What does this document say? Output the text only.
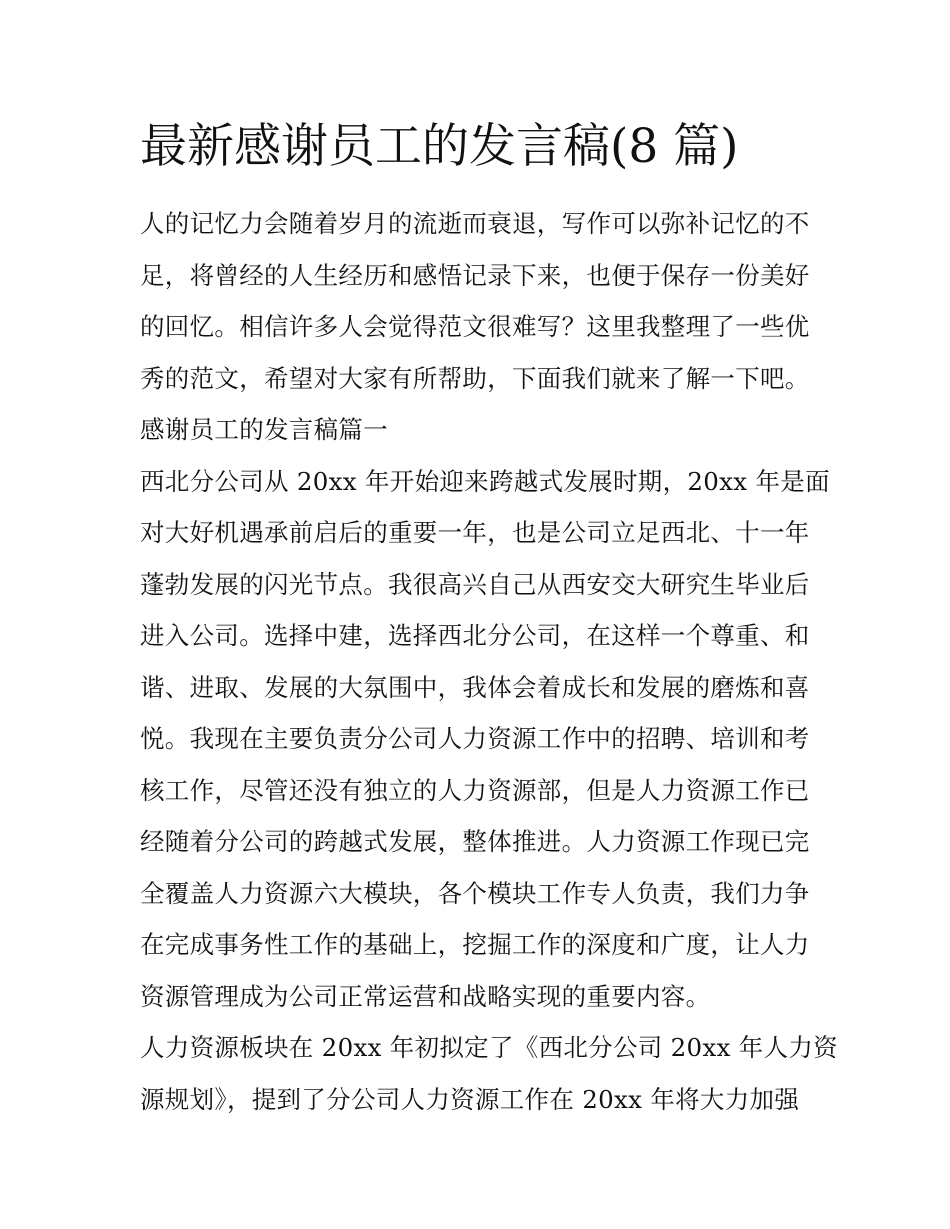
最新感谢员工的发言稿(8 篇)
人的记忆力会随着岁月的流逝而衰退，写作可以弥补记忆的不
足，将曾经的人生经历和感悟记录下来，也便于保存一份美好
的回忆。相信许多人会觉得范文很难写？这里我整理了一些优
秀的范文，希望对大家有所帮助，下面我们就来了解一下吧。
感谢员工的发言稿篇一
西北分公司从 20xx 年开始迎来跨越式发展时期，20xx 年是面
对大好机遇承前启后的重要一年，也是公司立足西北、十一年
蓬勃发展的闪光节点。我很高兴自己从西安交大研究生毕业后
进入公司。选择中建，选择西北分公司，在这样一个尊重、和
谐、进取、发展的大氛围中，我体会着成长和发展的磨炼和喜
悦。我现在主要负责分公司人力资源工作中的招聘、培训和考
核工作，尽管还没有独立的人力资源部，但是人力资源工作已
经随着分公司的跨越式发展，整体推进。人力资源工作现已完
全覆盖人力资源六大模块，各个模块工作专人负责，我们力争
在完成事务性工作的基础上，挖掘工作的深度和广度，让人力
资源管理成为公司正常运营和战略实现的重要内容。
人力资源板块在 20xx 年初拟定了《西北分公司 20xx 年人力资
源规划》，提到了分公司人力资源工作在 20xx 年将大力加强
